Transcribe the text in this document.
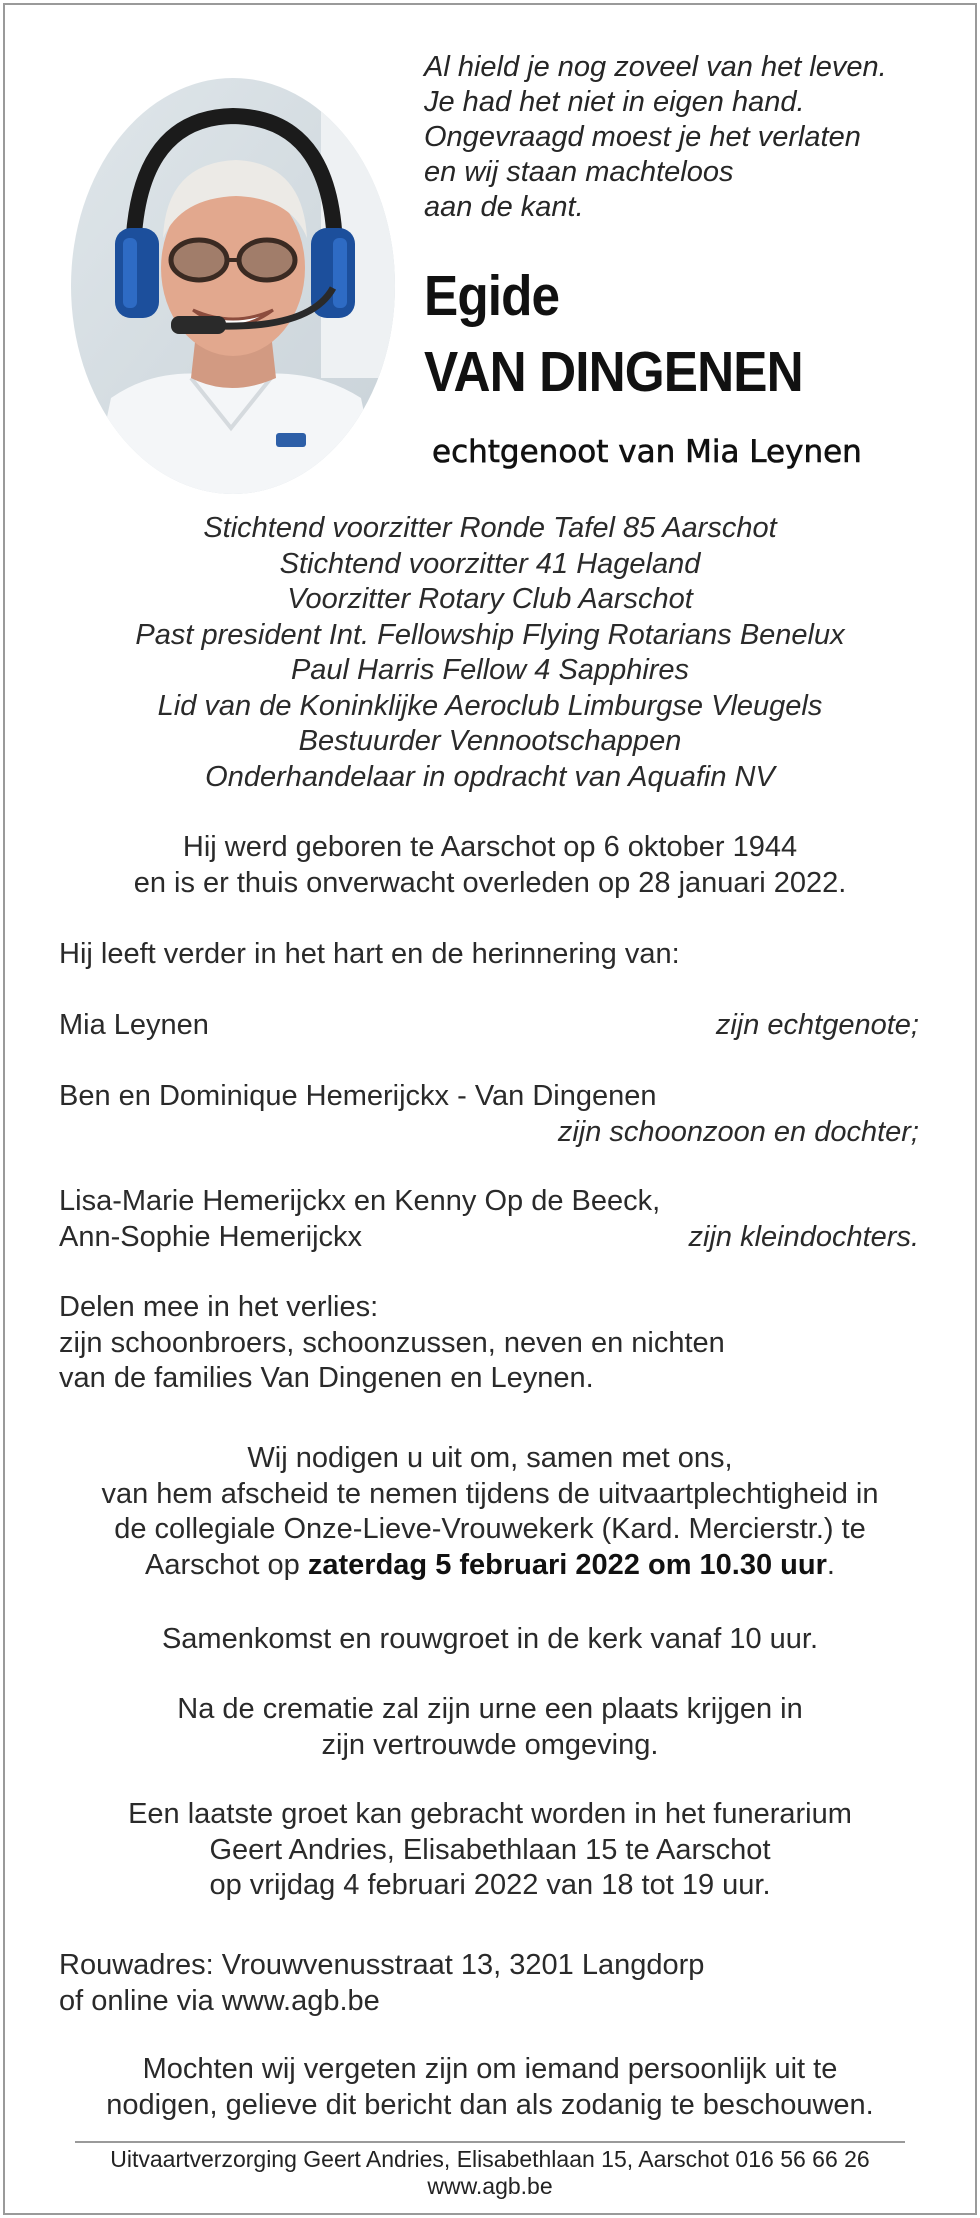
Al hield je nog zoveel van het leven.
Je had het niet in eigen hand.
Ongevraagd moest je het verlaten
en wij staan machteloos
aan de kant.
Egide
VAN DINGENEN
echtgenoot van Mia Leynen
Stichtend voorzitter Ronde Tafel 85 Aarschot
Stichtend voorzitter 41 Hageland
Voorzitter Rotary Club Aarschot
Past president Int. Fellowship Flying Rotarians Benelux
Paul Harris Fellow 4 Sapphires
Lid van de Koninklijke Aeroclub Limburgse Vleugels
Bestuurder Vennootschappen
Onderhandelaar in opdracht van Aquafin NV
Hij werd geboren te Aarschot op 6 oktober 1944
en is er thuis onverwacht overleden op 28 januari 2022.
Hij leeft verder in het hart en de herinnering van:
Mia Leynen	zijn echtgenote;
Ben en Dominique Hemerijckx - Van Dingenen
zijn schoonzoon en dochter;
Lisa-Marie Hemerijckx en Kenny Op de Beeck,
Ann-Sophie Hemerijckx	zijn kleindochters.
Delen mee in het verlies:
zijn schoonbroers, schoonzussen, neven en nichten
van de families Van Dingenen en Leynen.
Wij nodigen u uit om, samen met ons,
van hem afscheid te nemen tijdens de uitvaartplechtigheid in
de collegiale Onze-Lieve-Vrouwekerk (Kard. Mercierstr.) te
Aarschot op zaterdag 5 februari 2022 om 10.30 uur.
Samenkomst en rouwgroet in de kerk vanaf 10 uur.
Na de crematie zal zijn urne een plaats krijgen in
zijn vertrouwde omgeving.
Een laatste groet kan gebracht worden in het funerarium
Geert Andries, Elisabethlaan 15 te Aarschot
op vrijdag 4 februari 2022 van 18 tot 19 uur.
Rouwadres: Vrouwvenusstraat 13, 3201 Langdorp
of online via www.agb.be
Mochten wij vergeten zijn om iemand persoonlijk uit te
nodigen, gelieve dit bericht dan als zodanig te beschouwen.
Uitvaartverzorging Geert Andries, Elisabethlaan 15, Aarschot 016 56 66 26
www.agb.be
